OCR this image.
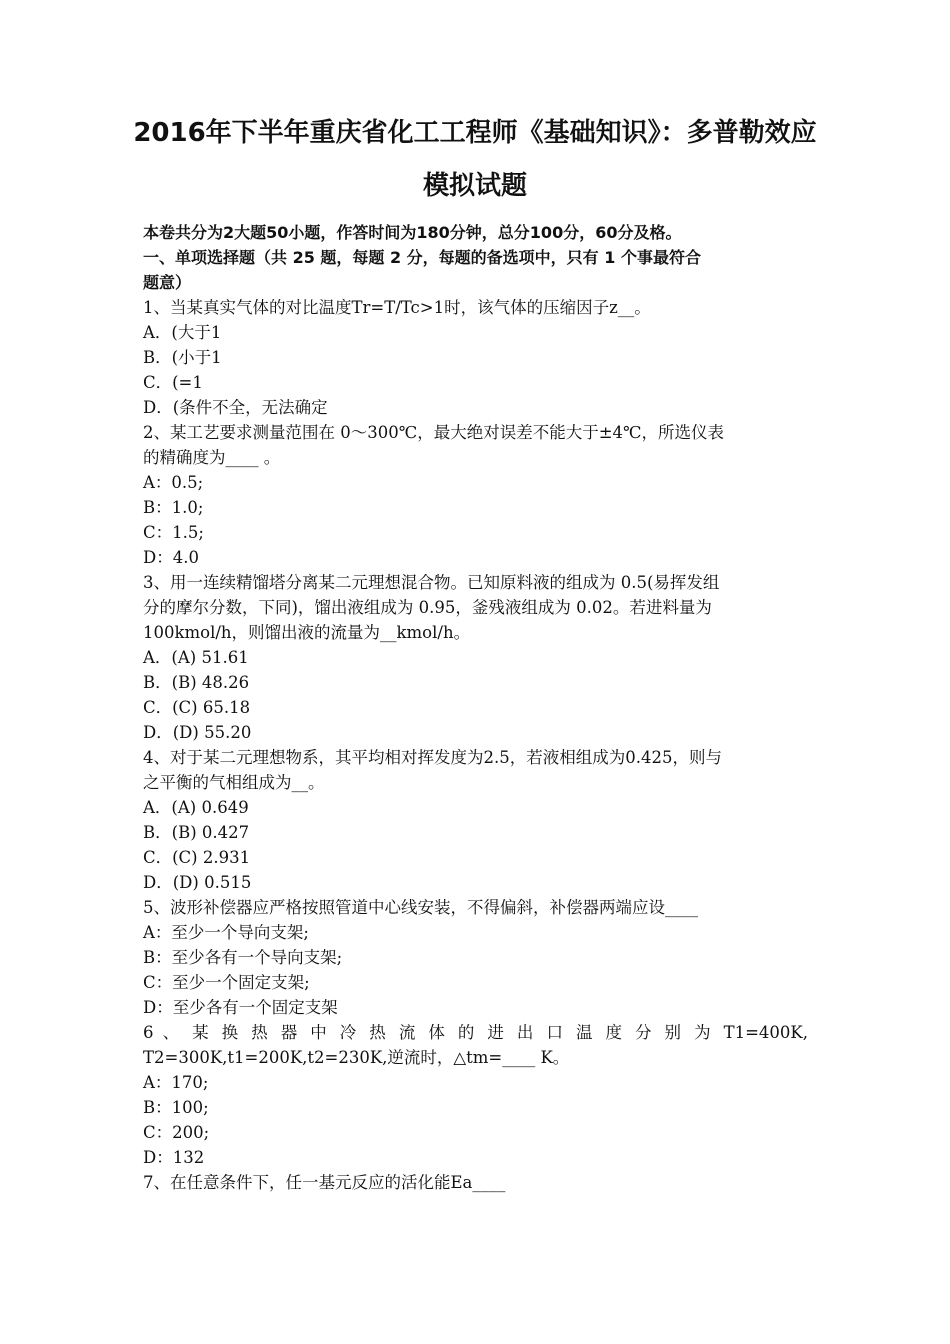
2016年下半年重庆省化工工程师《基础知识》：多普勒效应
模拟试题
本卷共分为2大题50小题，作答时间为180分钟，总分100分，60分及格。
一、单项选择题（共 25 题，每题 2 分，每题的备选项中，只有 1 个事最符合
题意）
1、当某真实气体的对比温度Tr=T/Tc>1时，该气体的压缩因子z__。
A．(大于1
B．(小于1
C．(=1
D．(条件不全，无法确定
2、某工艺要求测量范围在 0～300℃，最大绝对误差不能大于±4℃，所选仪表
的精确度为____ 。
A：0.5;
B：1.0;
C：1.5;
D：4.0
3、用一连续精馏塔分离某二元理想混合物。已知原料液的组成为 0.5(易挥发组
分的摩尔分数，下同)，馏出液组成为 0.95，釜残液组成为 0.02。若进料量为
100kmol/h，则馏出液的流量为__kmol/h。
A．(A) 51.61
B．(B) 48.26
C．(C) 65.18
D．(D) 55.20
4、对于某二元理想物系，其平均相对挥发度为2.5，若液相组成为0.425，则与
之平衡的气相组成为__。
A．(A) 0.649
B．(B) 0.427
C．(C) 2.931
D．(D) 0.515
5、波形补偿器应严格按照管道中心线安装，不得偏斜，补偿器两端应设____
A：至少一个导向支架;
B：至少各有一个导向支架;
C：至少一个固定支架;
D：至少各有一个固定支架
6 、 某 换 热 器 中 冷 热 流 体 的 进 出 口 温 度 分 别 为 T1=400K,
T2=300K,t1=200K,t2=230K,逆流时，△tm=____ K。
A：170;
B：100;
C：200;
D：132
7、在任意条件下，任一基元反应的活化能Ea____
